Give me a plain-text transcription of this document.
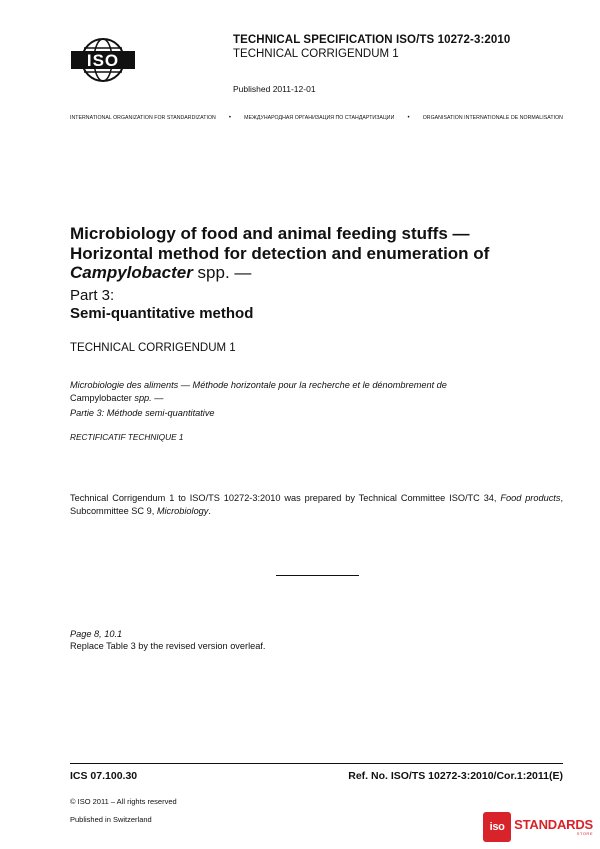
ISO
TECHNICAL SPECIFICATION ISO/TS 10272-3:2010
TECHNICAL CORRIGENDUM 1
Published 2011-12-01
INTERNATIONAL ORGANIZATION FOR STANDARDIZATION •	МЕЖДУНАРОДНАЯ ОРГАНИЗАЦИЯ ПО СТАНДАРТИЗАЦИИ •	ORGANISATION INTERNATIONALE DE NORMALISATION
Microbiology of food and animal feeding stuffs —
Horizontal method for detection and enumeration of
Campylobacter spp. —
Part 3:
Semi-quantitative method
TECHNICAL CORRIGENDUM 1
Microbiologie des aliments — Méthode horizontale pour la recherche et le dénombrement de
Campylobacter spp. —
Partie 3: Méthode semi-quantitative
RECTIFICATIF TECHNIQUE 1
Technical Corrigendum 1 to ISO/TS 10272-3:2010 was prepared by Technical Committee ISO/TC 34, Food products, Subcommittee SC 9, Microbiology.
Page 8, 10.1
Replace Table 3 by the revised version overleaf.
ICS 07.100.30	Ref. No. ISO/TS 10272-3:2010/Cor.1:2011(E)
© ISO 2011 – All rights reserved
Published in Switzerland
iso STANDARDS
STORE
